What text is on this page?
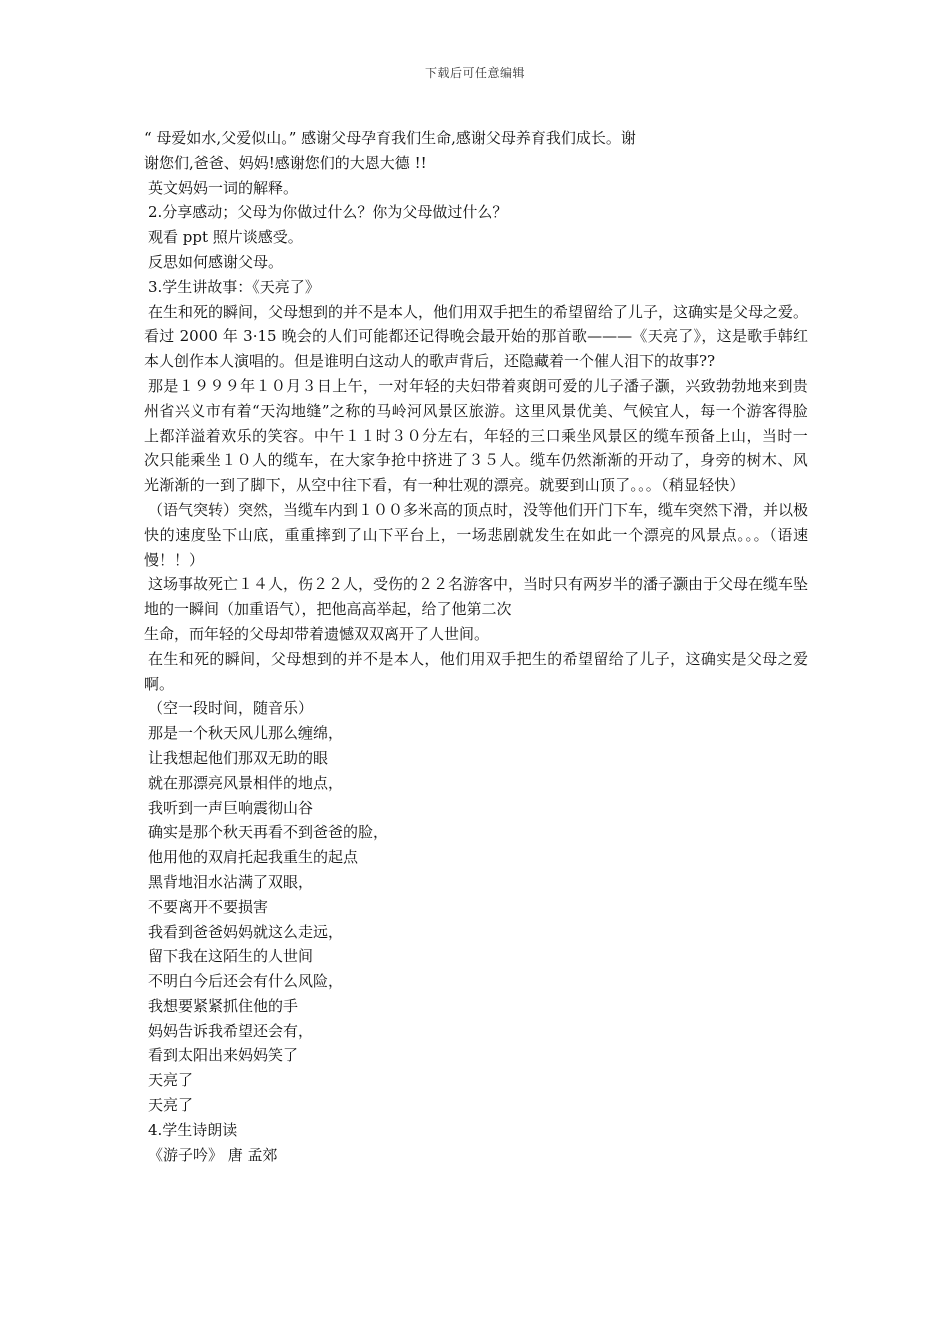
下载后可任意编辑

“ 母爱如水,父爱似山。” 感谢父母孕育我们生命,感谢父母养育我们成长。谢

谢您们,爸爸、妈妈!感谢您们的大恩大德 !!

英文妈妈一词的解释。

2.分享感动；父母为你做过什么？你为父母做过什么？

观看 ppt 照片谈感受。

反思如何感谢父母。

3.学生讲故事：《天亮了》

在生和死的瞬间，父母想到的并不是本人，他们用双手把生的希望留给了儿子，这确实是父母之爱。看过 2000 年 3·15 晚会的人们可能都还记得晚会最开始的那首歌———《天亮了》，这是歌手韩红本人创作本人演唱的。但是谁明白这动人的歌声背后，还隐藏着一个催人泪下的故事??

那是１９９９年１０月３日上午，一对年轻的夫妇带着爽朗可爱的儿子潘子灏，兴致勃勃地来到贵州省兴义市有着“天沟地缝”之称的马岭河风景区旅游。这里风景优美、气候宜人，每一个游客得脸上都洋溢着欢乐的笑容。中午１１时３０分左右，年轻的三口乘坐风景区的缆车预备上山，当时一次只能乘坐１０人的缆车，在大家争抢中挤进了３５人。缆车仍然渐渐的开动了，身旁的树木、风光渐渐的一到了脚下，从空中往下看，有一种壮观的漂亮。就要到山顶了。。。（稍显轻快）

（语气突转）突然，当缆车内到１００多米高的顶点时，没等他们开门下车，缆车突然下滑，并以极快的速度坠下山底，重重摔到了山下平台上，一场悲剧就发生在如此一个漂亮的风景点。。。（语速慢！！）

这场事故死亡１４人，伤２２人，受伤的２２名游客中，当时只有两岁半的潘子灏由于父母在缆车坠地的一瞬间（加重语气），把他高高举起，给了他第二次

生命，而年轻的父母却带着遗憾双双离开了人世间。

在生和死的瞬间，父母想到的并不是本人，他们用双手把生的希望留给了儿子，这确实是父母之爱啊。

（空一段时间，随音乐）

那是一个秋天风儿那么缠绵，

让我想起他们那双无助的眼

就在那漂亮风景相伴的地点，

我听到一声巨响震彻山谷

确实是那个秋天再看不到爸爸的脸，

他用他的双肩托起我重生的起点

黑背地泪水沾满了双眼，

不要离开不要损害

我看到爸爸妈妈就这么走远，

留下我在这陌生的人世间

不明白今后还会有什么风险，

我想要紧紧抓住他的手

妈妈告诉我希望还会有，

看到太阳出来妈妈笑了

天亮了

天亮了

4.学生诗朗读

《游子吟》 唐 孟郊
